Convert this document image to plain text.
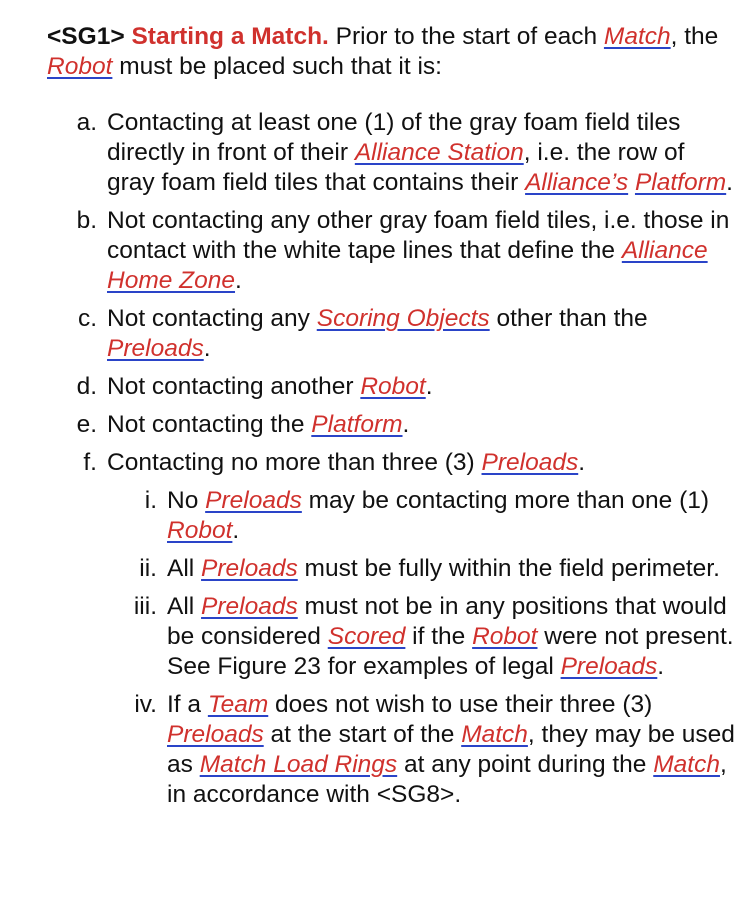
<SG1> Starting a Match. Prior to the start of each Match, the Robot must be placed such that it is:

a. Contacting at least one (1) of the gray foam field tiles directly in front of their Alliance Station, i.e. the row of gray foam field tiles that contains their Alliance’s Platform.
b. Not contacting any other gray foam field tiles, i.e. those in contact with the white tape lines that define the Alliance Home Zone.
c. Not contacting any Scoring Objects other than the Preloads.
d. Not contacting another Robot.
e. Not contacting the Platform.
f. Contacting no more than three (3) Preloads.
i. No Preloads may be contacting more than one (1) Robot.
ii. All Preloads must be fully within the field perimeter.
iii. All Preloads must not be in any positions that would be considered Scored if the Robot were not present. See Figure 23 for examples of legal Preloads.
iv. If a Team does not wish to use their three (3) Preloads at the start of the Match, they may be used as Match Load Rings at any point during the Match, in accordance with <SG8>.
